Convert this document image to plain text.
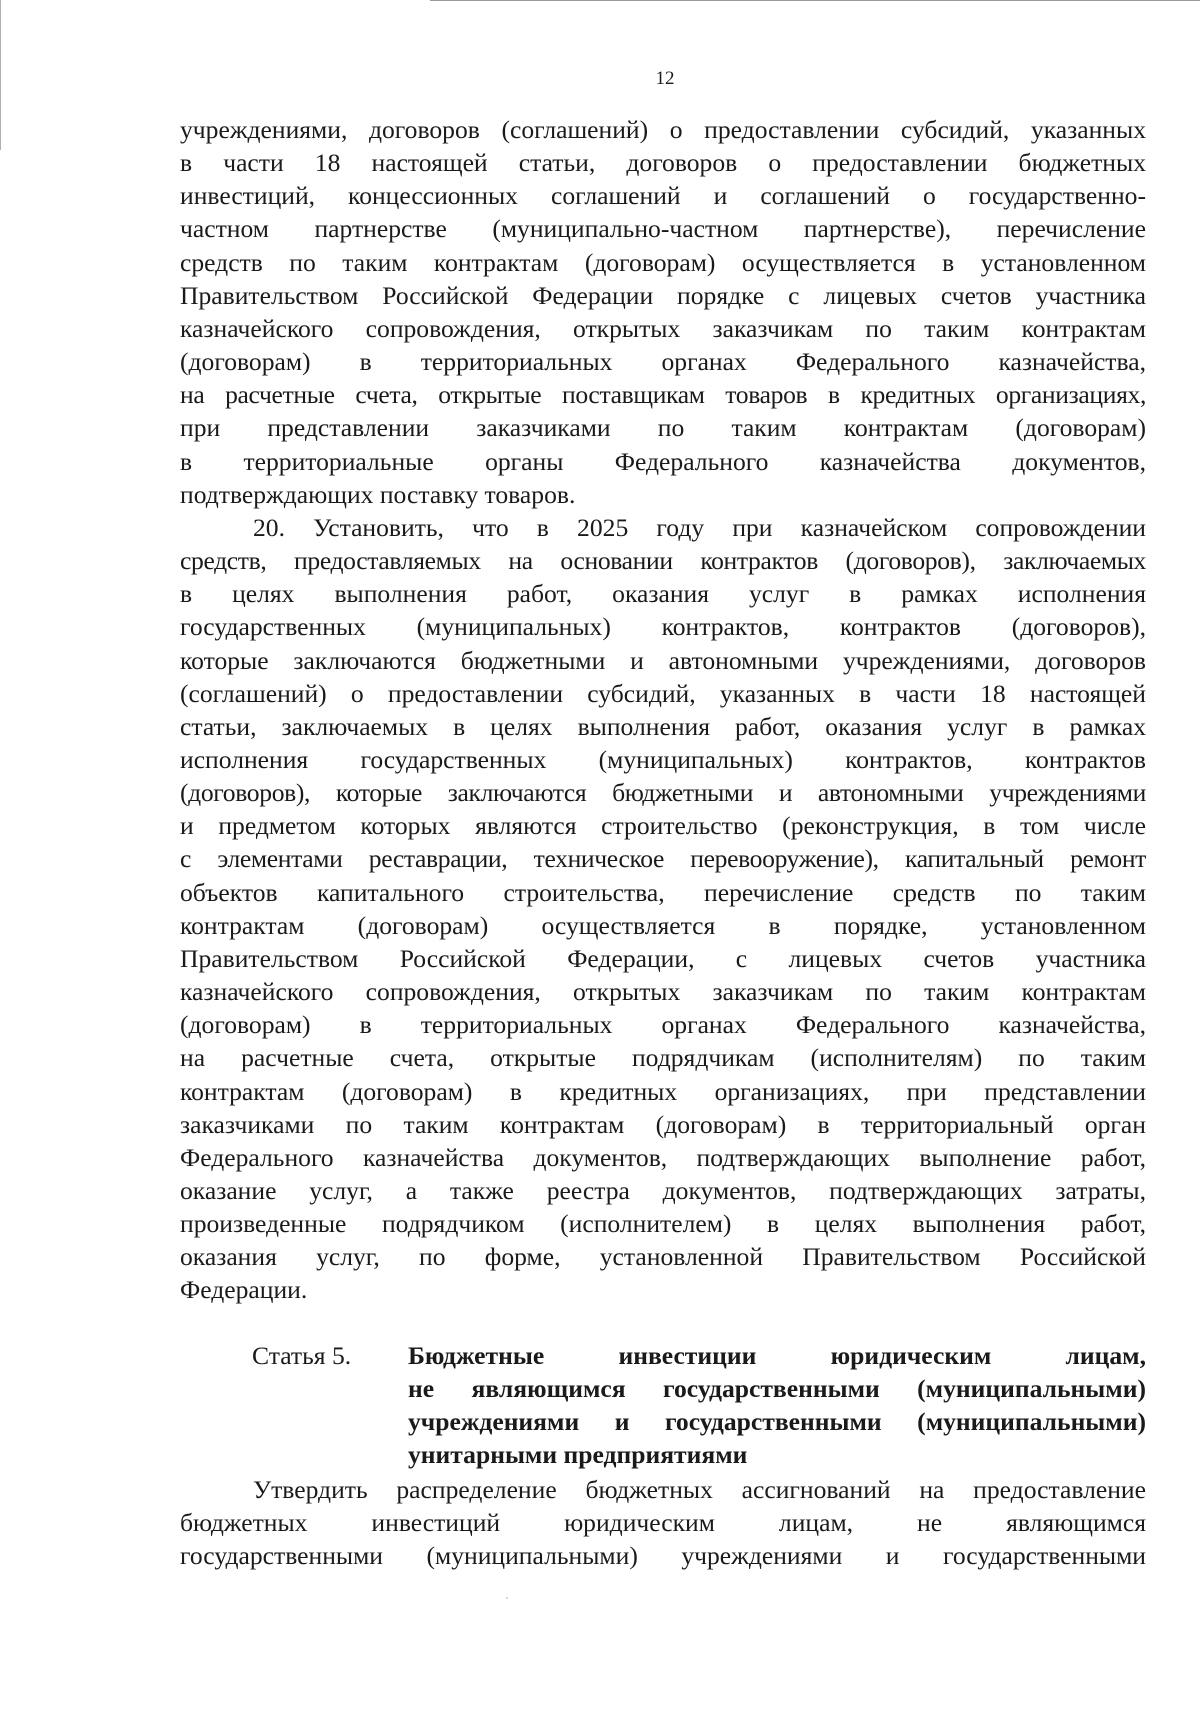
12
учреждениями, договоров (соглашений) о предоставлении субсидий, указанных
в части 18 настоящей статьи, договоров о предоставлении бюджетных
инвестиций, концессионных соглашений и соглашений о государственно-
частном партнерстве (муниципально-частном партнерстве), перечисление
средств по таким контрактам (договорам) осуществляется в установленном
Правительством Российской Федерации порядке с лицевых счетов участника
казначейского сопровождения, открытых заказчикам по таким контрактам
(договорам) в территориальных органах Федерального казначейства,
на расчетные счета, открытые поставщикам товаров в кредитных организациях,
при представлении заказчиками по таким контрактам (договорам)
в территориальные органы Федерального казначейства документов,
подтверждающих поставку товаров.
20. Установить, что в 2025 году при казначейском сопровождении
средств, предоставляемых на основании контрактов (договоров), заключаемых
в целях выполнения работ, оказания услуг в рамках исполнения
государственных (муниципальных) контрактов, контрактов (договоров),
которые заключаются бюджетными и автономными учреждениями, договоров
(соглашений) о предоставлении субсидий, указанных в части 18 настоящей
статьи, заключаемых в целях выполнения работ, оказания услуг в рамках
исполнения государственных (муниципальных) контрактов, контрактов
(договоров), которые заключаются бюджетными и автономными учреждениями
и предметом которых являются строительство (реконструкция, в том числе
с элементами реставрации, техническое перевооружение), капитальный ремонт
объектов капитального строительства, перечисление средств по таким
контрактам (договорам) осуществляется в порядке, установленном
Правительством Российской Федерации, с лицевых счетов участника
казначейского сопровождения, открытых заказчикам по таким контрактам
(договорам) в территориальных органах Федерального казначейства,
на расчетные счета, открытые подрядчикам (исполнителям) по таким
контрактам (договорам) в кредитных организациях, при представлении
заказчиками по таким контрактам (договорам) в территориальный орган
Федерального казначейства документов, подтверждающих выполнение работ,
оказание услуг, а также реестра документов, подтверждающих затраты,
произведенные подрядчиком (исполнителем) в целях выполнения работ,
оказания услуг, по форме, установленной Правительством Российской
Федерации.
Статья 5. Бюджетные инвестиции юридическим лицам,
не являющимся государственными (муниципальными)
учреждениями и государственными (муниципальными)
унитарными предприятиями
Утвердить распределение бюджетных ассигнований на предоставление
бюджетных инвестиций юридическим лицам, не являющимся
государственными (муниципальными) учреждениями и государственными
